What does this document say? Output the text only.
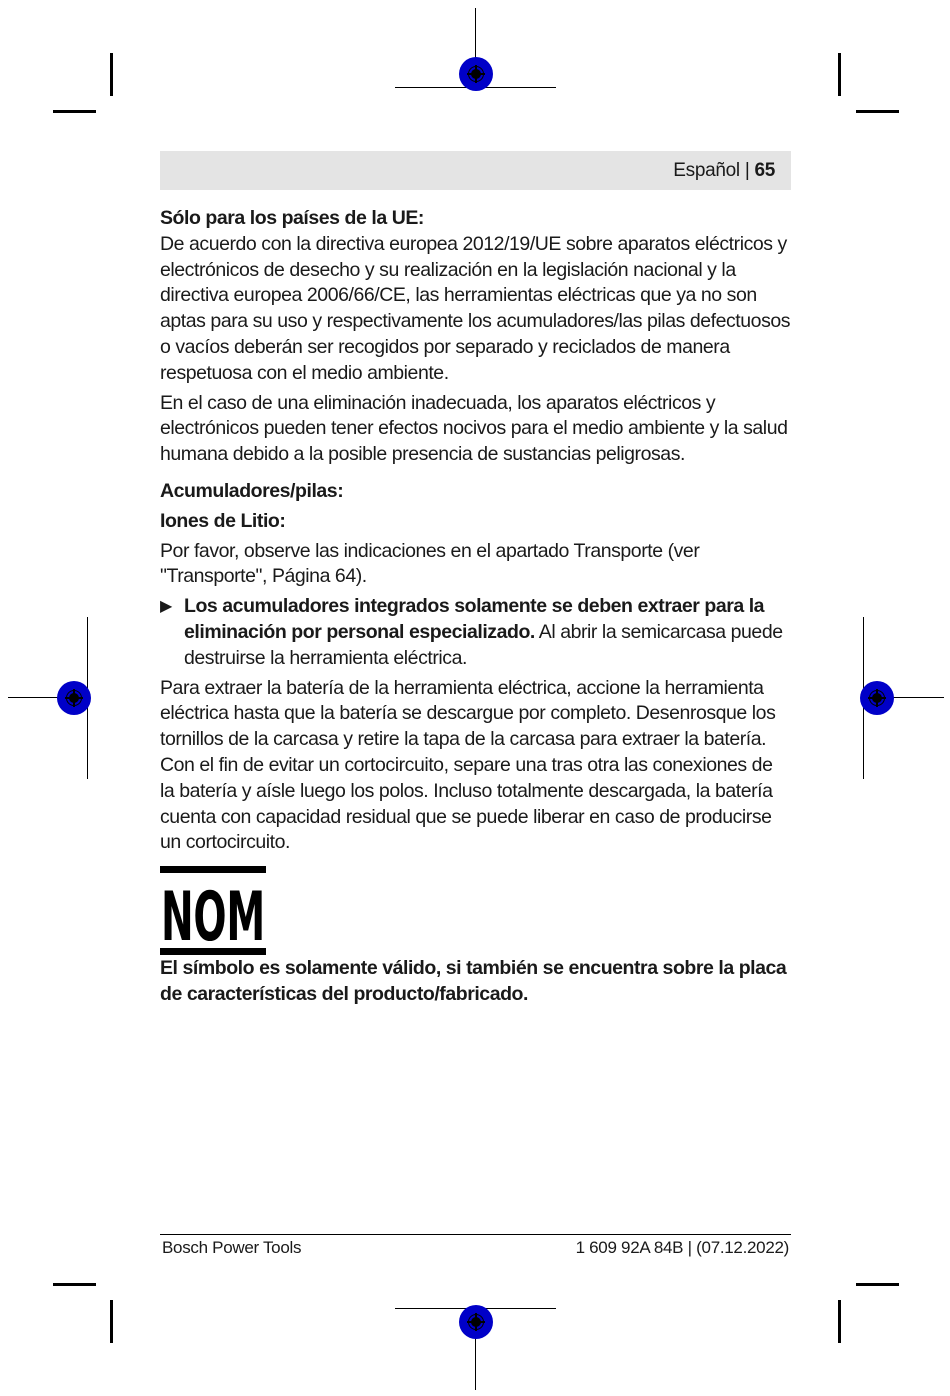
Español | 65
Sólo para los países de la UE:

De acuerdo con la directiva europea 2012/19/UE sobre aparatos eléctricos y electrónicos de desecho y su realización en la legislación nacional y la directiva europea 2006/66/CE, las herramientas eléctricas que ya no son aptas para su uso y respectivamente los acumuladores/las pilas defectuosos o vacíos deberán ser recogidos por separado y reciclados de manera respetuosa con el medio ambiente.

En el caso de una eliminación inadecuada, los aparatos eléctricos y electrónicos pueden tener efectos nocivos para el medio ambiente y la salud humana debido a la posible presencia de sustancias peligrosas.

Acumuladores/pilas:
Iones de Litio:

Por favor, observe las indicaciones en el apartado Transporte (ver "Transporte", Página 64).

▶ Los acumuladores integrados solamente se deben extraer para la eliminación por personal especializado. Al abrir la semicarcasa puede destruirse la herramienta eléctrica.

Para extraer la batería de la herramienta eléctrica, accione la herramienta eléctrica hasta que la batería se descargue por completo. Desenrosque los tornillos de la carcasa y retire la tapa de la carcasa para extraer la batería. Con el fin de evitar un cortocircuito, separe una tras otra las conexiones de la batería y aísle luego los polos. Incluso totalmente descargada, la batería cuenta con capacidad residual que se puede liberar en caso de producirse un cortocircuito.

NOM

El símbolo es solamente válido, si también se encuentra sobre la placa de características del producto/fabricado.

Bosch Power Tools	1 609 92A 84B | (07.12.2022)
